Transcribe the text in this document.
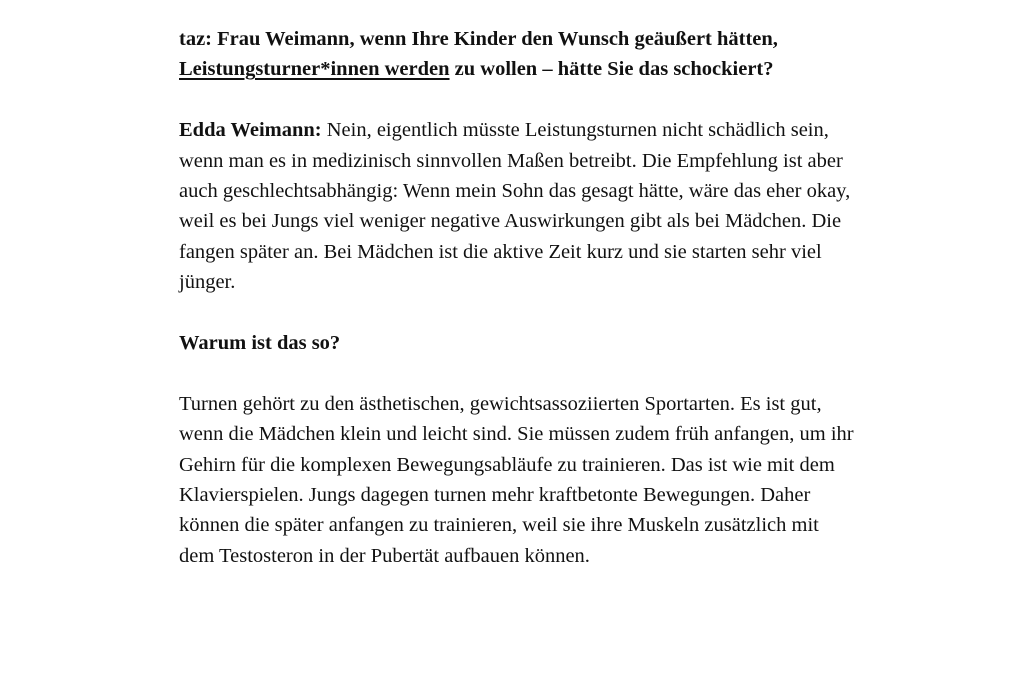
taz: Frau Weimann, wenn Ihre Kinder den Wunsch geäußert hätten, Leistungsturner*innen werden zu wollen – hätte Sie das schockiert?

Edda Weimann: Nein, eigentlich müsste Leistungsturnen nicht schädlich sein, wenn man es in medizinisch sinnvollen Maßen betreibt. Die Empfehlung ist aber auch geschlechtsabhängig: Wenn mein Sohn das gesagt hätte, wäre das eher okay, weil es bei Jungs viel weniger negative Auswirkungen gibt als bei Mädchen. Die fangen später an. Bei Mädchen ist die aktive Zeit kurz und sie starten sehr viel jünger.

Warum ist das so?

Turnen gehört zu den ästhetischen, gewichtsassoziierten Sportarten. Es ist gut, wenn die Mädchen klein und leicht sind. Sie müssen zudem früh anfangen, um ihr Gehirn für die komplexen Bewegungsabläufe zu trainieren. Das ist wie mit dem Klavierspielen. Jungs dagegen turnen mehr kraftbetonte Bewegungen. Daher können die später anfangen zu trainieren, weil sie ihre Muskeln zusätzlich mit dem Testosteron in der Pubertät aufbauen können.
